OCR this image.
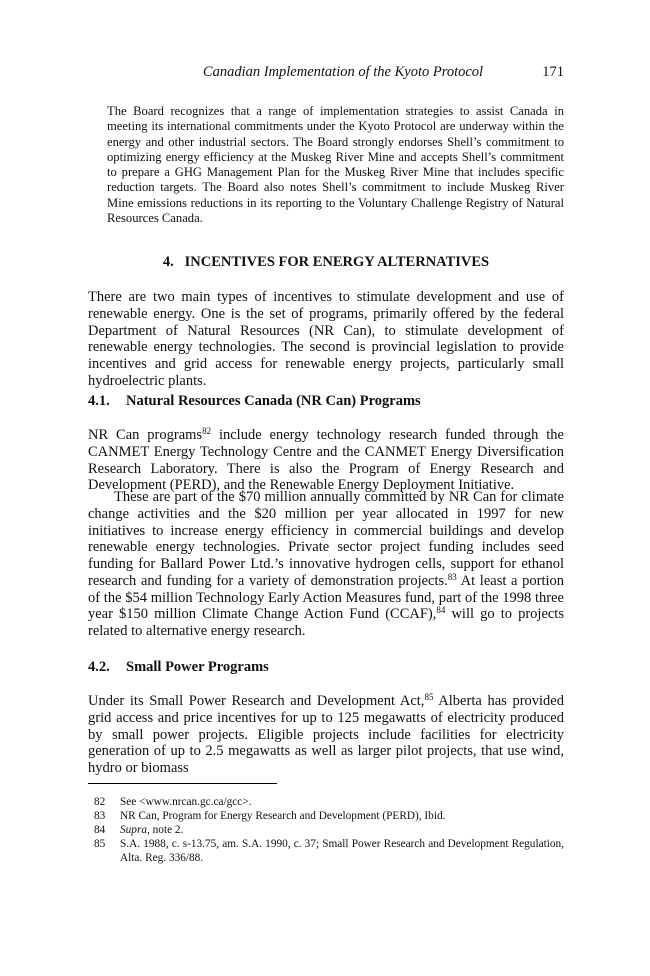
Canadian Implementation of the Kyoto Protocol	171

The Board recognizes that a range of implementation strategies to assist Canada in meeting its international commitments under the Kyoto Protocol are underway within the energy and other industrial sectors. The Board strongly endorses Shell’s commitment to optimizing energy efficiency at the Muskeg River Mine and accepts Shell’s commitment to prepare a GHG Management Plan for the Muskeg River Mine that includes specific reduction targets. The Board also notes Shell’s commitment to include Muskeg River Mine emissions reductions in its reporting to the Voluntary Challenge Registry of Natural Resources Canada.

4. INCENTIVES FOR ENERGY ALTERNATIVES

There are two main types of incentives to stimulate development and use of renewable energy. One is the set of programs, primarily offered by the federal Department of Natural Resources (NR Can), to stimulate development of renewable energy technologies. The second is provincial legislation to provide incentives and grid access for renewable energy projects, particularly small hydroelectric plants.

4.1. Natural Resources Canada (NR Can) Programs

NR Can programs$^{82}$ include energy technology research funded through the CANMET Energy Technology Centre and the CANMET Energy Diversification Research Laboratory. There is also the Program of Energy Research and Development (PERD), and the Renewable Energy Deployment Initiative.

These are part of the $70 million annually committed by NR Can for climate change activities and the $20 million per year allocated in 1997 for new initiatives to increase energy efficiency in commercial buildings and develop renewable energy technologies. Private sector project funding includes seed funding for Ballard Power Ltd.’s innovative hydrogen cells, support for ethanol research and funding for a variety of demonstration projects.$^{83}$ At least a portion of the $54 million Technology Early Action Measures fund, part of the 1998 three year $150 million Climate Change Action Fund (CCAF),$^{84}$ will go to projects related to alternative energy research.

4.2. Small Power Programs

Under its Small Power Research and Development Act,$^{85}$ Alberta has provided grid access and price incentives for up to 125 megawatts of electricity produced by small power projects. Eligible projects include facilities for electricity generation of up to 2.5 megawatts as well as larger pilot projects, that use wind, hydro or biomass

82 See <www.nrcan.gc.ca/gcc>.

83 NR Can, Program for Energy Research and Development (PERD), Ibid.

84 Supra, note 2.

85 S.A. 1988, c. s-13.75, am. S.A. 1990, c. 37; Small Power Research and Development Regulation, Alta. Reg. 336/88.
